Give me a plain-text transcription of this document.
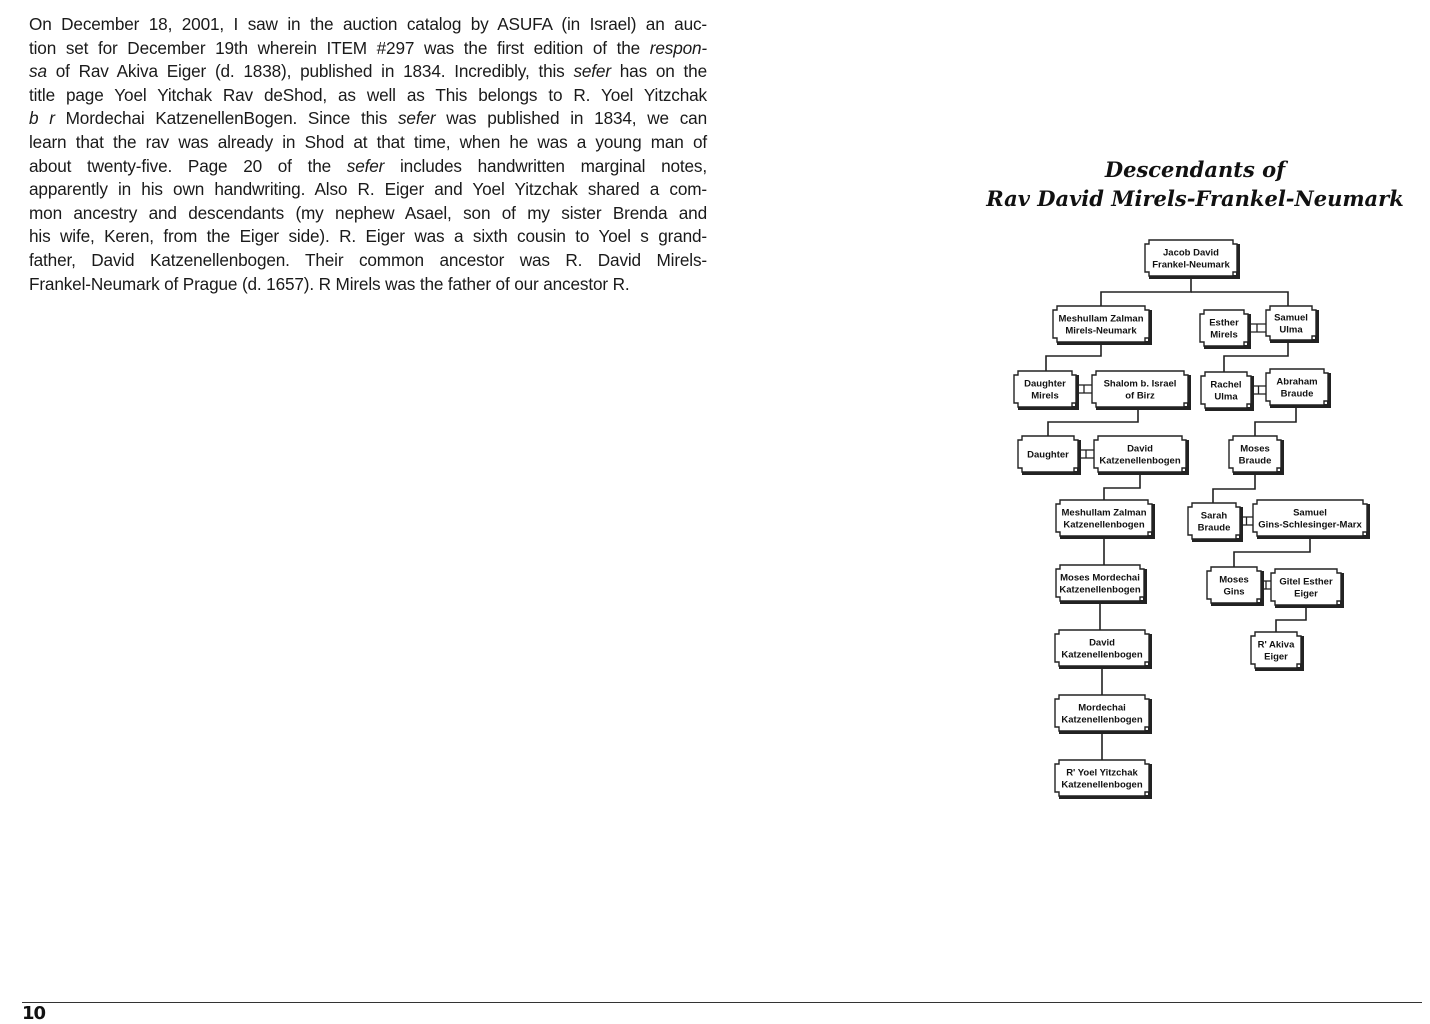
On December 18, 2001, I saw in the auction catalog by ASUFA (in Israel) an auc-
tion set for December 19th wherein ITEM #297 was the first edition of the respon-
sa of Rav Akiva Eiger (d. 1838), published in 1834. Incredibly, this sefer has on the
title page Yoel Yitchak Rav deShod, as well as This belongs to R. Yoel Yitzchak
b r Mordechai KatzenellenBogen. Since this sefer was published in 1834, we can
learn that the rav was already in Shod at that time, when he was a young man of
about twenty-five. Page 20 of the sefer includes handwritten marginal notes,
apparently in his own handwriting. Also R. Eiger and Yoel Yitzchak shared a com-
mon ancestry and descendants (my nephew Asael, son of my sister Brenda and
his wife, Keren, from the Eiger side). R. Eiger was a sixth cousin to Yoel s grand-
father, David Katzenellenbogen. Their common ancestor was R. David Mirels-
Frankel-Neumark of Prague (d. 1657). R Mirels was the father of our ancestor R.
Descendants of
Rav David Mirels-Frankel-Neumark
Jacob David
Frankel-Neumark
Meshullam Zalman
Mirels-Neumark
Esther
Mirels
Samuel
Ulma
Daughter
Mirels
Shalom b. Israel
of Birz
Rachel
Ulma
Abraham
Braude
Daughter
David
Katzenellenbogen
Moses
Braude
Meshullam Zalman
Katzenellenbogen
Sarah
Braude
Samuel
Gins-Schlesinger-Marx
Moses Mordechai
Katzenellenbogen
Moses
Gins
Gitel Esther
Eiger
R' Akiva
Eiger
David
Katzenellenbogen
Mordechai
Katzenellenbogen
R' Yoel Yitzchak
Katzenellenbogen
10
